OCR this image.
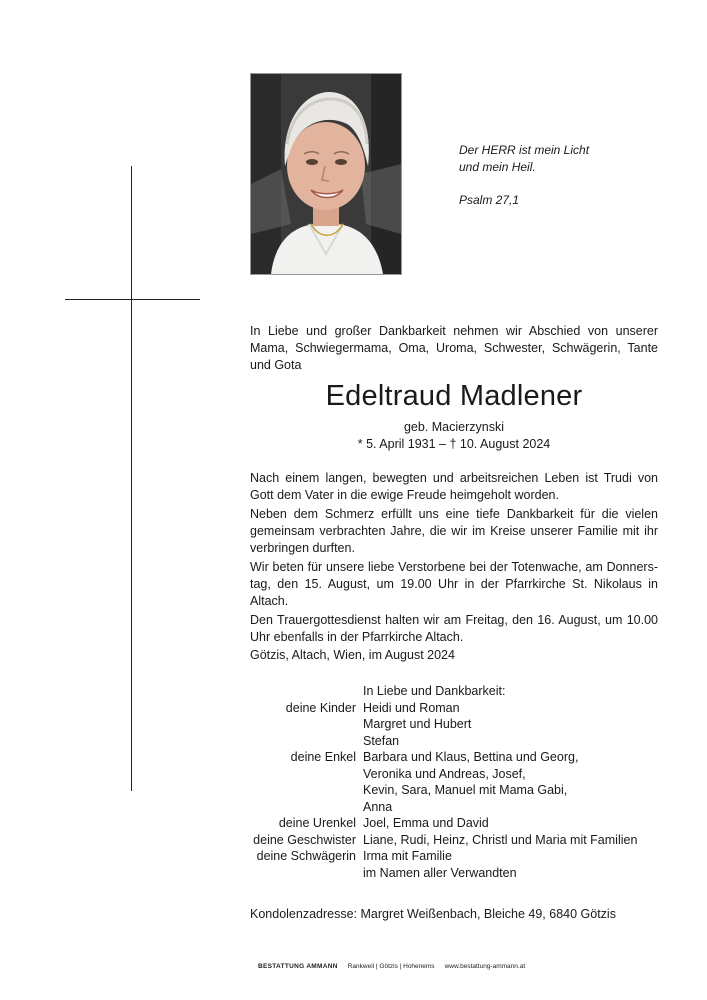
Der HERR ist mein Licht
und mein Heil.
Psalm 27,1
In Liebe und großer Dankbarkeit nehmen wir Abschied von unserer Mama, Schwiegermama, Oma, Uroma, Schwester, Schwägerin, Tante und Gota
Edeltraud Madlener
geb. Macierzynski
* 5. April 1931 – † 10. August 2024

Nach einem langen, bewegten und arbeitsreichen Leben ist Trudi von Gott dem Vater in die ewige Freude heimgeholt worden.

Neben dem Schmerz erfüllt uns eine tiefe Dankbarkeit für die vielen gemeinsam verbrachten Jahre, die wir im Kreise unserer Familie mit ihr verbringen durften.

Wir beten für unsere liebe Verstorbene bei der Totenwache, am Donners-tag, den 15. August, um 19.00 Uhr in der Pfarrkirche St. Nikolaus in Altach.

Den Trauergottesdienst halten wir am Freitag, den 16. August, um 10.00 Uhr ebenfalls in der Pfarrkirche Altach.

Götzis, Altach, Wien, im August 2024
In Liebe und Dankbarkeit:
deine Kinder Heidi und Roman
Margret und Hubert
Stefan
deine Enkel Barbara und Klaus, Bettina und Georg,
Veronika und Andreas, Josef,
Kevin, Sara, Manuel mit Mama Gabi,
Anna
deine Urenkel Joel, Emma und David
deine Geschwister Liane, Rudi, Heinz, Christl und Maria mit Familien
deine Schwägerin Irma mit Familie
im Namen aller Verwandten
Kondolenzadresse: Margret Weißenbach, Bleiche 49, 6840 Götzis
BESTATTUNG AMMANN Rankweil | Götzis | Hohenems www.bestattung-ammann.at
